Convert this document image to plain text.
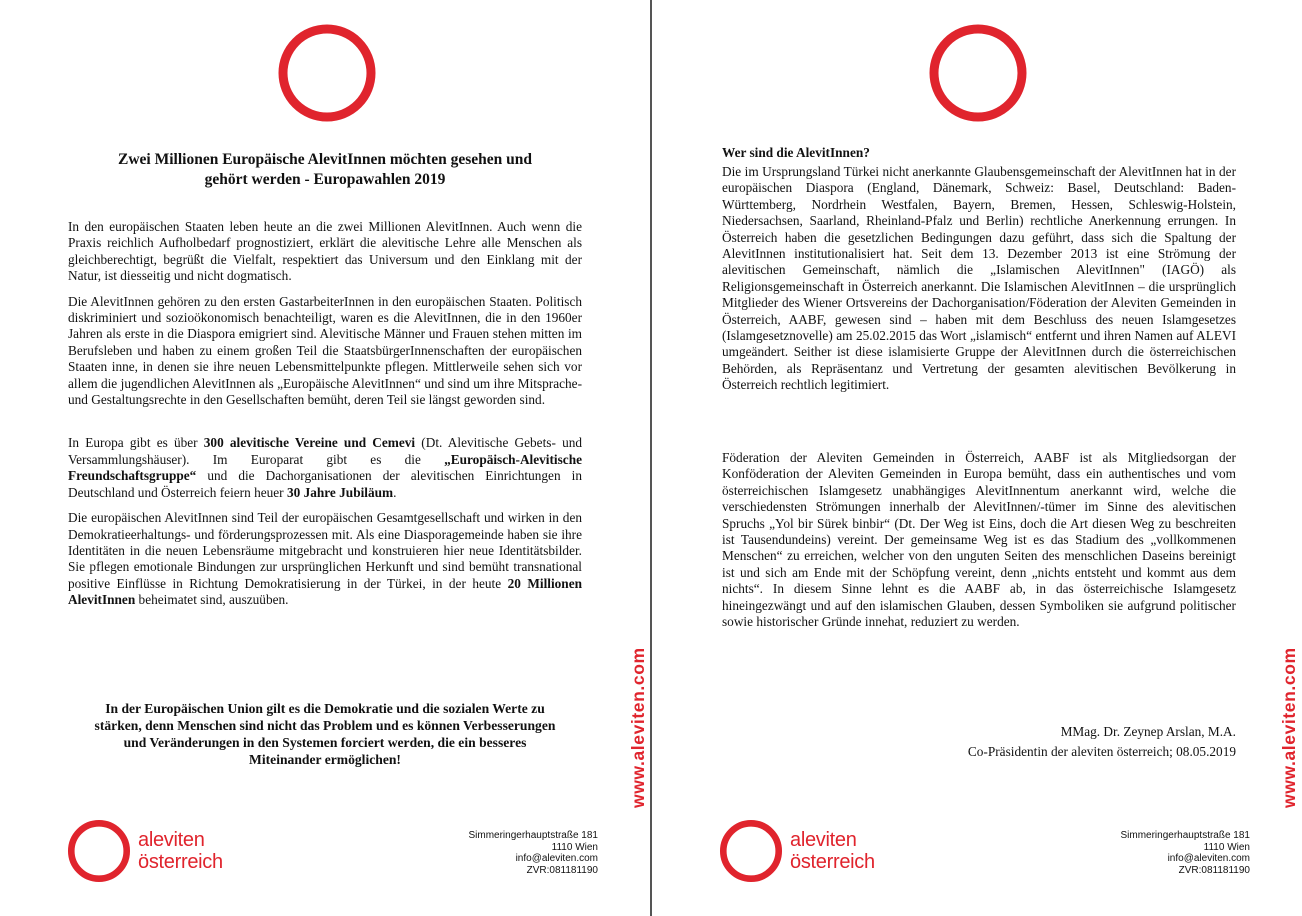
Zwei Millionen Europäische AlevitInnen möchten gesehen und
gehört werden - Europawahlen 2019

In den europäischen Staaten leben heute an die zwei Millionen AlevitInnen. Auch wenn die Praxis reichlich Aufholbedarf prognostiziert, erklärt die alevitische Lehre alle Menschen als gleichberechtigt, begrüßt die Vielfalt, respektiert das Universum und den Einklang mit der Natur, ist diesseitig und nicht dogmatisch.

Die AlevitInnen gehören zu den ersten GastarbeiterInnen in den europäischen Staaten. Politisch diskriminiert und sozioökonomisch benachteiligt, waren es die AlevitInnen, die in den 1960er Jahren als erste in die Diaspora emigriert sind. Alevitische Männer und Frauen stehen mitten im Berufsleben und haben zu einem großen Teil die StaatsbürgerInnenschaften der europäischen Staaten inne, in denen sie ihre neuen Lebensmittelpunkte pflegen. Mittlerweile sehen sich vor allem die jugendlichen AlevitInnen als „Europäische AlevitInnen“ und sind um ihre Mitsprache- und Gestaltungsrechte in den Gesellschaften bemüht, deren Teil sie längst geworden sind.

In Europa gibt es über 300 alevitische Vereine und Cemevi (Dt. Alevitische Gebets- und Versammlungshäuser). Im Europarat gibt es die „Europäisch-Alevitische Freundschaftsgruppe“ und die Dachorganisationen der alevitischen Einrichtungen in Deutschland und Österreich feiern heuer 30 Jahre Jubiläum.

Die europäischen AlevitInnen sind Teil der europäischen Gesamtgesellschaft und wirken in den Demokratieerhaltungs- und förderungsprozessen mit. Als eine Diasporagemeinde haben sie ihre Identitäten in die neuen Lebensräume mitgebracht und konstruieren hier neue Identitätsbilder. Sie pflegen emotionale Bindungen zur ursprünglichen Herkunft und sind bemüht transnational positive Einflüsse in Richtung Demokratisierung in der Türkei, in der heute 20 Millionen AlevitInnen beheimatet sind, auszuüben.

In der Europäischen Union gilt es die Demokratie und die sozialen Werte zu stärken, denn Menschen sind nicht das Problem und es können Verbesserungen und Veränderungen in den Systemen forciert werden, die ein besseres Miteinander ermöglichen!	www.aleviten.com
aleviten
österreich
Simmeringerhauptstraße 181
1110 Wien
info@aleviten.com
ZVR:081181190
Wer sind die AlevitInnen?

Die im Ursprungsland Türkei nicht anerkannte Glaubensgemeinschaft der AlevitInnen hat in der europäischen Diaspora (England, Dänemark, Schweiz: Basel, Deutschland: Baden-Württemberg, Nordrhein Westfalen, Bayern, Bremen, Hessen, Schleswig-Holstein, Niedersachsen, Saarland, Rheinland-Pfalz und Berlin) rechtliche Anerkennung errungen. In Österreich haben die gesetzlichen Bedingungen dazu geführt, dass sich die Spaltung der AlevitInnen institutionalisiert hat. Seit dem 13. Dezember 2013 ist eine Strömung der alevitischen Gemeinschaft, nämlich die „Islamischen AlevitInnen" (IAGÖ) als Religionsgemeinschaft in Österreich anerkannt. Die Islamischen AlevitInnen – die ursprünglich Mitglieder des Wiener Ortsvereins der Dachorganisation/Föderation der Aleviten Gemeinden in Österreich, AABF, gewesen sind – haben mit dem Beschluss des neuen Islamgesetzes (Islamgesetznovelle) am 25.02.2015 das Wort „islamisch“ entfernt und ihren Namen auf ALEVI umgeändert. Seither ist diese islamisierte Gruppe der AlevitInnen durch die österreichischen Behörden, als Repräsentanz und Vertretung der gesamten alevitischen Bevölkerung in Österreich rechtlich legitimiert.

Föderation der Aleviten Gemeinden in Österreich, AABF ist als Mitgliedsorgan der Konföderation der Aleviten Gemeinden in Europa bemüht, dass ein authentisches und vom österreichischen Islamgesetz unabhängiges AlevitInnentum anerkannt wird, welche die verschiedensten Strömungen innerhalb der AlevitInnen/-tümer im Sinne des alevitischen Spruchs „Yol bir Sürek binbir“ (Dt. Der Weg ist Eins, doch die Art diesen Weg zu beschreiten ist Tausendundeins) vereint. Der gemeinsame Weg ist es das Stadium des „vollkommenen Menschen“ zu erreichen, welcher von den unguten Seiten des menschlichen Daseins bereinigt ist und sich am Ende mit der Schöpfung vereint, denn „nichts entsteht und kommt aus dem nichts“. In diesem Sinne lehnt es die AABF ab, in das österreichische Islamgesetz hineingezwängt und auf den islamischen Glauben, dessen Symboliken sie aufgrund politischer sowie historischer Gründe innehat, reduziert zu werden.

MMag. Dr. Zeynep Arslan, M.A.
Co-Präsidentin der aleviten österreich; 08.05.2019 www.aleviten.com
aleviten
österreich
Simmeringerhauptstraße 181
1110 Wien
info@aleviten.com
ZVR:081181190
